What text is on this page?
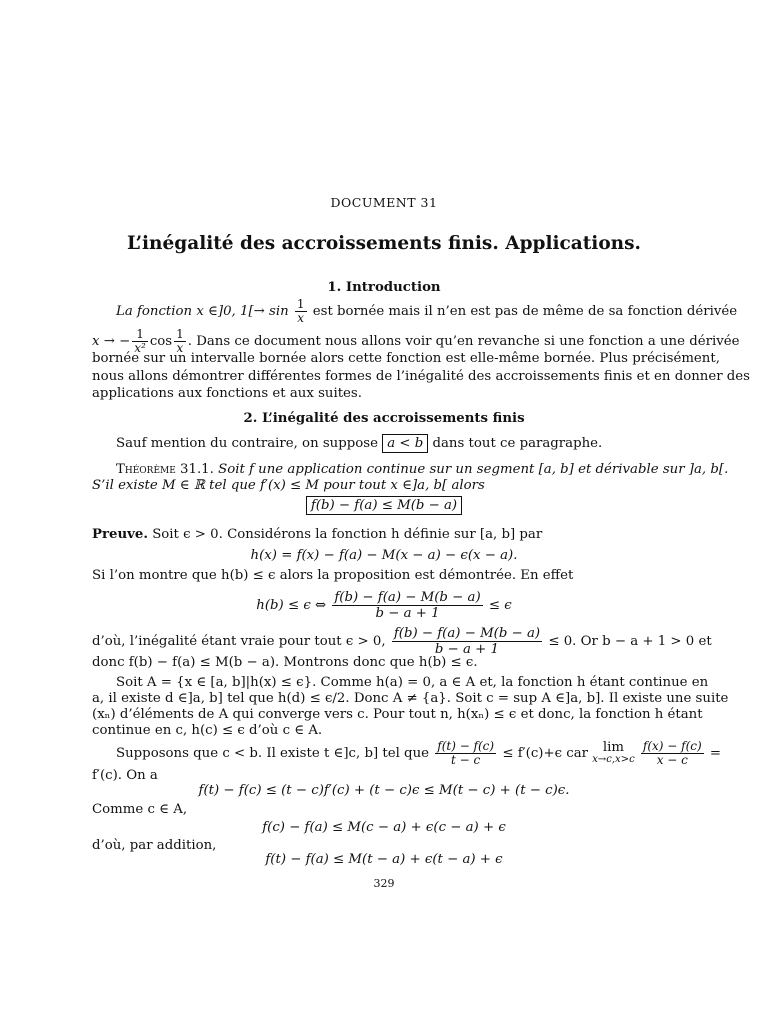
DOCUMENT 31
L’inégalité des accroissements finis. Applications.
1. Introduction
La fonction x ∈]0, $1[\to \sin \frac{1}{x}$ est bornée mais il n’en est pas de même de sa fonction dérivée
x → − $\frac{1}{\text{x²}}$ $\cos \frac{1}{x}$ . Dans ce document nous allons voir qu’en revanche si une fonction a une dérivée
bornée sur un intervalle bornée alors cette fonction est elle-même bornée. Plus précisément,
nous allons démontrer différentes formes de l’inégalité des accroissements finis et en donner des
applications aux fonctions et aux suites.
2. L’inégalité des accroissements finis
Sauf mention du contraire, on suppose a < b dans tout ce paragraphe.
Théorème 31.1. Soit f une application continue sur un segment [a, b] et dérivable sur ]a, b[.
S’il existe M ∈ ℝ tel que f′(x) ≤ M pour tout x ∈]a, b[ alors
f(b) − f(a) ≤ M(b − a)
Preuve. Soit ϵ > 0. Considérons la fonction h définie sur [a, b] par
h(x) = f(x) − f(a) − M(x − a) − ϵ(x − a).
Si l’on montre que h(b) ≤ ϵ alors la proposition est démontrée. En effet
h(b) ≤ ϵ ⇔ $\frac{f(b) - f(a) - M(b - a)}{b - a + 1} \le \epsilon$
d’où, l’inégalité étant vraie pour tout ϵ > 0, $\frac{f(b) - f(a) - M(b - a)}{b - a + 1} \le 0$. Or b − a + 1 > 0 et
donc f(b) − f(a) ≤ M(b − a). Montrons donc que h(b) ≤ ϵ.
Soit A = {x ∈ [a, b]|h(x) ≤ ϵ}. Comme h(a) = 0, a ∈ A et, la fonction h étant continue en
a, il existe d ∈]a, b] tel que h(d) ≤ ϵ/2. Donc A ≠ {a}. Soit c = sup A ∈]a, b]. Il existe une suite
(xₙ) d’éléments de A qui converge vers c. Pour tout n, h(xₙ) ≤ ϵ et donc, la fonction h étant
continue en c, h(c) ≤ ϵ d’où c ∈ A.
Supposons que c < b. Il existe t ∈]c, b] tel que $\frac{f(t) - f(c)}{t - c} \le f'(c)+\epsilon$ car lim
x→c,x>c
$\frac{f(x) - f(c)}{x - c}$ =
f′(c). On a
f(t) − f(c) ≤ (t − c)f′(c) + (t − c)ϵ ≤ M(t − c) + (t − c)ϵ.
Comme c ∈ A,
f(c) − f(a) ≤ M(c − a) + ϵ(c − a) + ϵ
d’où, par addition,
f(t) − f(a) ≤ M(t − a) + ϵ(t − a) + ϵ
329
